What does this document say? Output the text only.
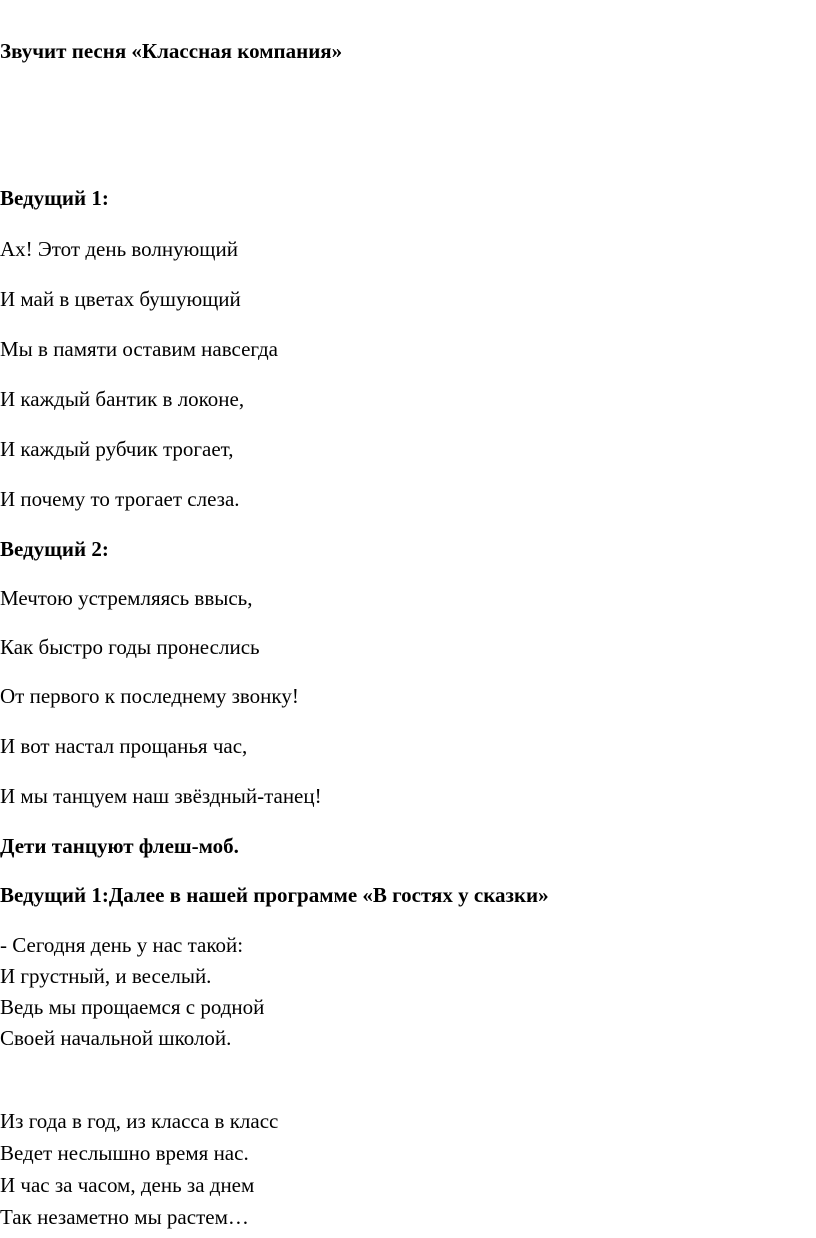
Звучит песня «Классная компания»
Ведущий 1:
Ах! Этот день волнующий
И май в цветах бушующий
Мы в памяти оставим навсегда
И каждый бантик в локоне,
И каждый рубчик трогает,
И почему то трогает слеза.
Ведущий 2:
Мечтою устремляясь ввысь,
Как быстро годы пронеслись
От первого к последнему звонку!
И вот настал прощанья час,
И мы танцуем наш звёздный-танец!
Дети танцуют флеш-моб.
Ведущий 1:Далее в нашей программе «В гостях у сказки»
- Сегодня день у нас такой:
И грустный, и веселый.
Ведь мы прощаемся с родной
Своей начальной школой.
Из года в год, из класса в класс
Ведет неслышно время нас.
И час за часом, день за днем
Так незаметно мы растем…
